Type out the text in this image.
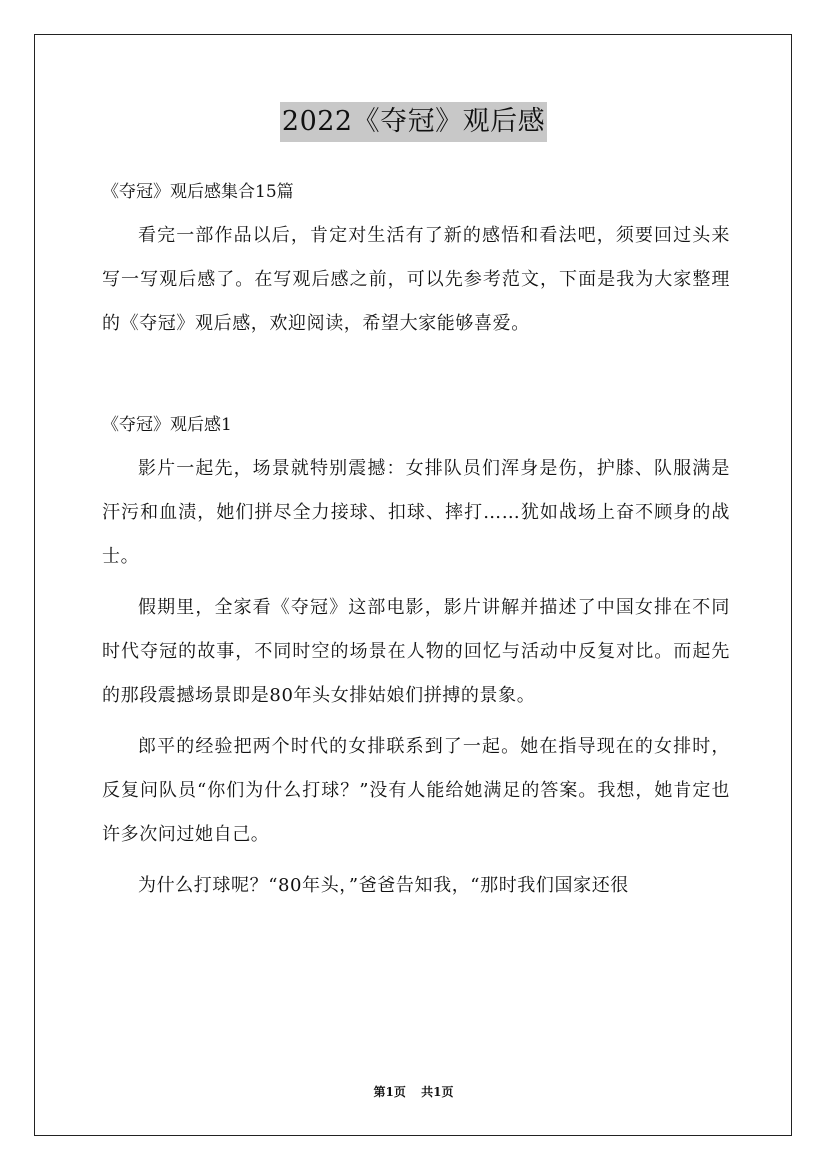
2022《夺冠》观后感

《夺冠》观后感集合15篇

看完一部作品以后，肯定对生活有了新的感悟和看法吧，须要回过头来写一写观后感了。在写观后感之前，可以先参考范文，下面是我为大家整理的《夺冠》观后感，欢迎阅读，希望大家能够喜爱。

《夺冠》观后感1

影片一起先，场景就特别震撼：女排队员们浑身是伤，护膝、队服满是汗污和血渍，她们拼尽全力接球、扣球、摔打……犹如战场上奋不顾身的战士。

假期里，全家看《夺冠》这部电影，影片讲解并描述了中国女排在不同时代夺冠的故事，不同时空的场景在人物的回忆与活动中反复对比。而起先的那段震撼场景即是80年头女排姑娘们拼搏的景象。

郎平的经验把两个时代的女排联系到了一起。她在指导现在的女排时，反复问队员“你们为什么打球？”没有人能给她满足的答案。我想，她肯定也许多次问过她自己。

为什么打球呢？“80年头，”爸爸告知我，“那时我们国家还很

第1页 共1页
